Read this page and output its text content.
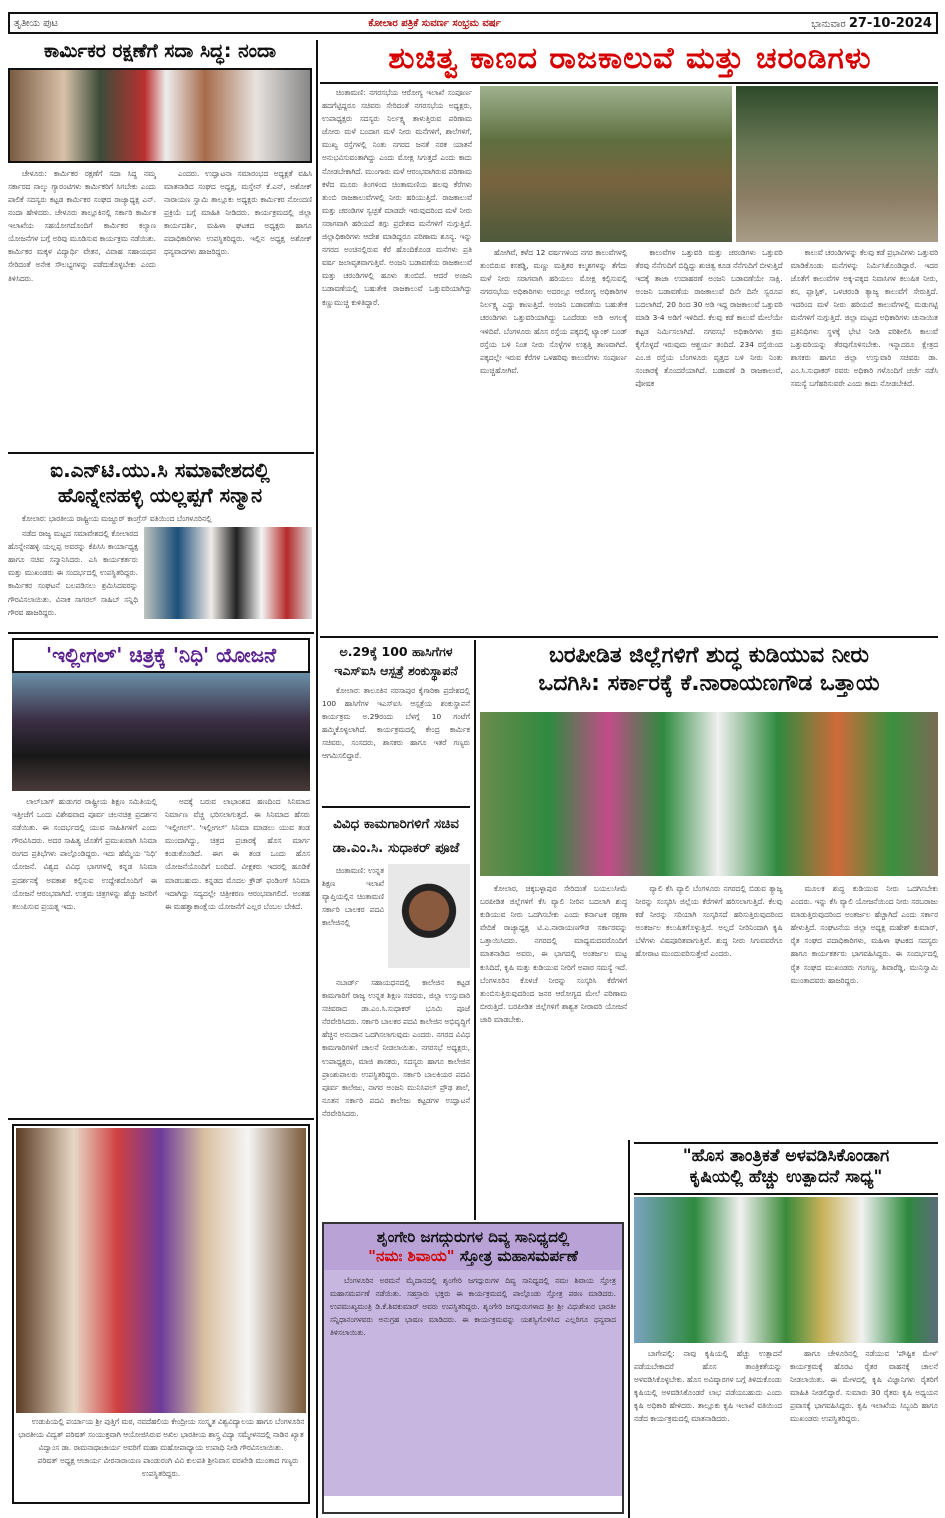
ತೃತೀಯ ಪುಟ	ಕೋಲಾರ ಪತ್ರಿಕೆ ಸುವರ್ಣ ಸಂಭ್ರಮ ವರ್ಷ	ಭಾನುವಾರ 27-10-2024
ಕಾರ್ಮಿಕರ ರಕ್ಷಣೆಗೆ ಸದಾ ಸಿದ್ಧ: ನಂದಾ

ಚೇಳೂರು: ಕಾರ್ಮಿಕರ ರಕ್ಷಣೆಗೆ ಸದಾ ಸಿದ್ಧ ನಮ್ಮ ಸರ್ಕಾರದ ನಾಲ್ಕು ಗ್ಯಾರಂಟಿಗಳು ಕಾರ್ಮಿಕರಿಗೆ ಸಿಗಬೇಕು ಎಂದು ಪಾಲಿಕೆ ಸದಸ್ಯರು ಕಟ್ಟಡ ಕಾರ್ಮಿಕರ ಸಂಘದ ರಾಜ್ಯಾಧ್ಯಕ್ಷ ಎನ್. ನಂದಾ ಹೇಳಿದರು. ಚೇಳೂರು ತಾಲ್ಲೂಕಿನಲ್ಲಿ ಸರ್ಕಾರಿ ಕಾರ್ಮಿಕ ಇಲಾಖೆಯ ಸಹಯೋಗದೊಂದಿಗೆ ಕಾರ್ಮಿಕರ ಕಲ್ಯಾಣ ಯೋಜನೆಗಳ ಬಗ್ಗೆ ಅರಿವು ಮೂಡಿಸುವ ಕಾರ್ಯಕ್ರಮ ನಡೆಯಿತು. ಕಾರ್ಮಿಕರ ಮಕ್ಕಳ ವಿದ್ಯಾರ್ಥಿ ವೇತನ, ವಿವಾಹ ಸಹಾಯಧನ ಸೇರಿದಂತೆ ಅನೇಕ ಸೌಲಭ್ಯಗಳನ್ನು ಪಡೆದುಕೊಳ್ಳಬೇಕು ಎಂದು ತಿಳಿಸಿದರು.

ಎಂದರು. ಉದ್ಘಾಟನಾ ಸಮಾರಂಭದ ಅಧ್ಯಕ್ಷತೆ ವಹಿಸಿ ಮಾತನಾಡಿದ ಸಂಘದ ಅಧ್ಯಕ್ಷ, ಮಸ್ತೇನ್ ಕೆ.ಎನ್, ಅಶೋಕ್ ನಾರಾಯಣ ಸ್ವಾಮಿ ತಾಲ್ಲೂಕು ಅಧ್ಯಕ್ಷರು ಕಾರ್ಮಿಕರ ನೋಂದಣಿ ಪ್ರಕ್ರಿಯೆ ಬಗ್ಗೆ ಮಾಹಿತಿ ನೀಡಿದರು. ಕಾರ್ಯಕ್ರಮದಲ್ಲಿ ಜಿಲ್ಲಾ ಕಾರ್ಯದರ್ಶಿ, ಮಹಿಳಾ ಘಟಕದ ಅಧ್ಯಕ್ಷರು ಹಾಗೂ ಪದಾಧಿಕಾರಿಗಳು ಉಪಸ್ಥಿತರಿದ್ದರು. ಇಲ್ಲಿನ ಅಧ್ಯಕ್ಷ ಅಶೋಕ್ ಧನ್ಯವಾದಗಳು ಹಾಜರಿದ್ದರು.

ಐ.ಎನ್‌ಟಿ.ಯು.ಸಿ ಸಮಾವೇಶದಲ್ಲಿ
ಹೊನ್ನೇನಹಳ್ಳಿ ಯಲ್ಲಪ್ಪಗೆ ಸನ್ಮಾನ

ಕೋಲಾರ: ಭಾರತೀಯ ರಾಷ್ಟ್ರೀಯ ಮಜ್ದೂರ್ ಕಾಂಗ್ರೆಸ್ ವತಿಯಿಂದ ಬೆಂಗಳೂರಿನಲ್ಲಿ

ನಡೆದ ರಾಜ್ಯ ಮಟ್ಟದ ಸಮಾವೇಶದಲ್ಲಿ ಕೋಲಾರದ ಹೊನ್ನೇನಹಳ್ಳಿ ಯಲ್ಲಪ್ಪ ಅವರನ್ನು ಕೆಪಿಸಿಸಿ ಕಾರ್ಯಾಧ್ಯಕ್ಷ ಹಾಗೂ ಸಚಿವ ಸನ್ಮಾನಿಸಿದರು. ಎಸಿ ಕಾರ್ಯಕರ್ತರು ಮತ್ತು ಮುಖಂಡರು ಈ ಸಂದರ್ಭದಲ್ಲಿ ಉಪಸ್ಥಿತರಿದ್ದರು. ಕಾರ್ಮಿಕರ ಸಂಘಟನೆ ಬಲಪಡಿಸಲು ಶ್ರಮಿಸಿದವರನ್ನು ಗೌರವಿಸಲಾಯಿತು. ವಿನಾಕ ಸಾಗರಲ್ ಸಾಹಿಬ್ ಸನ್ನಿಧಿ ಗೌರವ ಹಾಜರಿದ್ದರು.

'ಇಲ್ಲೀಗಲ್' ಚಿತ್ರಕ್ಕೆ 'ನಿಧಿ' ಯೋಜನೆ

ಲಾಲ್‌ಬಾಗ್ ಹುಡುಗರ ರಾಷ್ಟ್ರೀಯ ಶಿಕ್ಷಣ ಸಮಿತಿಯಲ್ಲಿ ಇತ್ತೀಚೆಗೆ ಒಂದು ವಿಶೇಷವಾದ ಪೂರ್ವ ಚಲನಚಿತ್ರ ಪ್ರದರ್ಶನ ನಡೆಯಿತು. ಈ ಸಂದರ್ಭದಲ್ಲಿ ಯುವ ಸಾಹಿತಿಗಳಿಗೆ ಎಂದು ಗೌರವಿಸಿದರು. ಅದರ ಸಾಹಿತ್ಯ ಜೊತೆಗೆ ಪ್ರಮುಖವಾಗಿ ಸಿನಿಮಾ ರಂಗದ ಪ್ರತಿಭೆಗಳು ಪಾಲ್ಗೊಂಡಿದ್ದರು. ಇದು ಹೆಮ್ಮೆಯ 'ನಿಧಿ' ಯೋಜನೆ. ವಿಶ್ವದ ವಿವಿಧ ಭಾಗಗಳಲ್ಲಿ ಕನ್ನಡ ಸಿನಿಮಾ ಪ್ರದರ್ಶನಕ್ಕೆ ಅವಕಾಶ ಕಲ್ಪಿಸುವ ಉದ್ದೇಶದೊಂದಿಗೆ ಈ ಯೋಜನೆ ಆರಂಭವಾಗಿದೆ. ಉತ್ತಮ ಚಿತ್ರಗಳನ್ನು ಹೆಚ್ಚು ಜನರಿಗೆ ತಲುಪಿಸುವ ಪ್ರಯತ್ನ ಇದು.

ಅದಕ್ಕೆ ಬರುವ ಲಾಭಾಂಶದ ಹಣದಿಂದ ಸಿನಿಮಾದ ನಿರ್ಮಾಣ ವೆಚ್ಚ ಭರಿಸಲಾಗುತ್ತದೆ. ಈ ಸಿನಿಮಾದ ಹೆಸರು 'ಇಲ್ಲೀಗಲ್'. 'ಇಲ್ಲೀಗಲ್' ಸಿನಿಮಾ ಮಾಡಲು ಯುವ ತಂಡ ಮುಂದಾಗಿದ್ದು, ಚಿತ್ರದ ಪ್ರಚಾರಕ್ಕೆ ಹೊಸ ಮಾರ್ಗ ಕಂಡುಕೊಂಡಿದೆ. ಈಗ ಈ ತಂಡ ಒಂದು ಹೊಸ ಯೋಜನೆಯೊಂದಿಗೆ ಬಂದಿದೆ. ವೀಕ್ಷಕರು ಇದರಲ್ಲಿ ಹೂಡಿಕೆ ಮಾಡಬಹುದು. ಕನ್ನಡದ ಮೊದಲ ಕ್ರೌಡ್ ಫಂಡಿಂಗ್ ಸಿನಿಮಾ ಇದಾಗಿದ್ದು ಸದ್ಯದಲ್ಲೇ ಚಿತ್ರೀಕರಣ ಆರಂಭವಾಗಲಿದೆ. ಅಂತಹ ಈ ಮಹತ್ವಾಕಾಂಕ್ಷೆಯ ಯೋಜನೆಗೆ ಎಲ್ಲರ ಬೆಂಬಲ ಬೇಕಿದೆ.

ಉಡುಪಿಯಲ್ಲಿ ಪರ್ಯಾಯ ಶ್ರೀ ಪುತ್ತಿಗೆ ಮಠ, ನವದೆಹಲಿಯ ಕೇಂದ್ರೀಯ ಸಂಸ್ಕೃತ ವಿಶ್ವವಿದ್ಯಾಲಯ ಹಾಗೂ ಬೆಂಗಳೂರಿನ ಭಾರತೀಯ ವಿದ್ವತ್ ಪರಿಷತ್ ಸಂಯುಕ್ತವಾಗಿ ಆಯೋಜಿಸಿರುವ ಅಖಿಲ ಭಾರತೀಯ ಶಾಸ್ತ್ರ ವಿದ್ಯಾ ಸಮ್ಮೇಳನದಲ್ಲಿ ನಾಡಿನ ಖ್ಯಾತ ವಿದ್ವಾಂಸ ಡಾ. ರಾಮನಾಥಾಚಾರ್ಯ ಅವರಿಗೆ ಮಹಾ ಮಹೋಪಾಧ್ಯಾಯ ಉಪಾಧಿ ನೀಡಿ ಗೌರವಿಸಲಾಯಿತು.

ಪರಿಷತ್ ಅಧ್ಯಕ್ಷ ಆಚಾರ್ಯ ವೀರನಾರಾಯಣ ಪಾಂಡುರಂಗಿ ವಿವಿ ಕುಲಪತಿ ಶ್ರೀನಿವಾಸ ವರಖೇಡಿ ಮುಂತಾದ ಗಣ್ಯರು ಉಪಸ್ಥಿತರಿದ್ದರು.

ಶುಚಿತ್ವ ಕಾಣದ ರಾಜಕಾಲುವೆ ಮತ್ತು ಚರಂಡಿಗಳು

ಚಿಂತಾಮಣಿ: ನಗರಸಭೆಯ ಆರೋಗ್ಯ ಇಲಾಖೆ ಸಂಪೂರ್ಣ ಹದಗೆಟ್ಟಿದ್ದರೂ ಸಚಿವರು ಸೇರಿದಂತೆ ನಗರಸಭೆಯ ಅಧ್ಯಕ್ಷರು, ಉಪಾಧ್ಯಕ್ಷರು ಸದಸ್ಯರು ನಿರ್ಲಕ್ಷ್ಯ ತಾಳುತ್ತಿರುವ ಪರಿಣಾಮ ಜೋರು ಮಳೆ ಬಂದಾಗ ಮಳೆ ನೀರು ಮನೆಗಳಿಗೆ, ಶಾಲೆಗಳಿಗೆ, ಮುಖ್ಯ ರಸ್ತೆಗಳಲ್ಲಿ ನಿಂತು ನಗರದ ಜನತೆ ನರಕ ಯಾತನೆ ಅನುಭವಿಸುವಂತಾಗಿದ್ದು ಎಂದು ಮೋಕ್ಷ ಸಿಗುತ್ತದೆ ಎಂದು ಕಾದು ನೋಡಬೇಕಾಗಿದೆ. ಮುಂಗಾರು ಮಳೆ ಆರಂಭವಾಗಿರುವ ಪರಿಣಾಮ ಕಳೆದ ಮೂರು ತಿಂಗಳಿಂದ ಚಿಂತಾಮಣಿಯ ಹಲವು ಕೆರೆಗಳು ತುಂಬಿ ರಾಜಕಾಲುವೆಗಳಲ್ಲಿ ನೀರು ಹರಿಯುತ್ತಿದೆ. ರಾಜಕಾಲುವೆ ಮತ್ತು ಚರಂಡಿಗಳ ಸ್ವಚ್ಛತೆ ಮಾಡದೇ ಇರುವುದರಿಂದ ಮಳೆ ನೀರು ಸರಾಗವಾಗಿ ಹರಿಯದೆ ತಗ್ಗು ಪ್ರದೇಶದ ಮನೆಗಳಿಗೆ ನುಗ್ಗುತ್ತಿದೆ. ಜಿಲ್ಲಾಧಿಕಾರಿಗಳು ಆದೇಶ ಮಾಡಿದ್ದರೂ ಪರಿಣಾಮ ಶೂನ್ಯ. ಇನ್ನು ನಗರದ ಅಂಚಿನಲ್ಲಿರುವ ಕೆರೆ ಹೊಂದಿಕೊಂಡ ಮನೆಗಳು ಪ್ರತಿ ವರ್ಷ ಜಲಾವೃತವಾಗುತ್ತಿವೆ. ಅಂಜನಿ ಬಡಾವಣೆಯ ರಾಜಕಾಲುವೆ ಮತ್ತು ಚರಂಡಿಗಳಲ್ಲಿ ಹೂಳು ತುಂಬಿದೆ. ಆದರೆ ಅಂಜನಿ ಬಡಾವಣೆಯಲ್ಲಿ ಬಹುತೇಕ ರಾಜಕಾಲುವೆ ಒತ್ತುವರಿಯಾಗಿದ್ದು ಕಣ್ಣುಮುಚ್ಚಿ ಕುಳಿತಿದ್ದಾರೆ.

ಹೋಗಿವೆ, ಕಳೆದ 12 ವರ್ಷಗಳಿಂದ ನಗರ ಕಾಲುವೆಗಳಲ್ಲಿ ತುಂಬಿರುವ ಕಸಕಡ್ಡಿ, ಮಣ್ಣು ಮತ್ತಿತರ ಕಲ್ಮಶಗಳನ್ನು ತೆಗೆದು ಮಳೆ ನೀರು ಸರಾಗವಾಗಿ ಹರಿಯಲು ಮೋಕ್ಷ ಕಲ್ಪಿಸುವಲ್ಲಿ ನಗರಸಭೆಯ ಅಧಿಕಾರಿಗಳು ಅದರಲ್ಲೂ ಆರೋಗ್ಯ ಅಧಿಕಾರಿಗಳ ನಿರ್ಲಕ್ಷ್ಯ ಎದ್ದು ಕಾಣುತ್ತಿದೆ. ಅಂಜನಿ ಬಡಾವಣೆಯ ಬಹುತೇಕ ಚರಂಡಿಗಳು ಒತ್ತುವರಿಯಾಗಿದ್ದು ಒಂದೆರಡು ಅಡಿ ಅಗಲಕ್ಕೆ ಇಳಿದಿವೆ. ಬೆಂಗಳೂರು ಹೊಸ ರಸ್ತೆಯ ಪಕ್ಕದಲ್ಲಿ ಟ್ಯಾಂಕ್ ಬಂಡ್ ರಸ್ತೆಯ ಬಳಿ ನಿಂತ ನೀರು ಸೊಳ್ಳೆಗಳ ಉತ್ಪತ್ತಿ ತಾಣವಾಗಿದೆ. ಪಕ್ಕದಲ್ಲೇ ಇರುವ ಕೆರೆಗಳ ಒಳಹರಿವು ಕಾಲುವೆಗಳು ಸಂಪೂರ್ಣ ಮುಚ್ಚಿಹೋಗಿವೆ.

ಕಾಲುವೆಗಳ ಒತ್ತುವರಿ ಮತ್ತು ಚರಂಡಿಗಳು ಒತ್ತುವರಿ ತೆರವು ನೆನೆಗುದಿಗೆ ಬಿದ್ದಿದ್ದು ಶುಚಿತ್ವ ಕೂಡ ನೆನೆಗುದಿಗೆ ಬೀಳುತ್ತಿದೆ ಇದಕ್ಕೆ ತಾಜಾ ಉದಾಹರಣೆ ಅಂಜನಿ ಬಡಾವಣೆಯೇ ಸಾಕ್ಷಿ. ಅಂಜನಿ ಬಡಾವಣೆಯ ರಾಜಕಾಲುವೆ ದಿನೇ ದಿನೇ ಸ್ವರೂಪ ಬದಲಾಗಿದೆ, 20 ರಿಂದ 30 ಅಡಿ ಇದ್ದ ರಾಜಕಾಲುವೆ ಒತ್ತುವರಿ ಮಾಡಿ 3-4 ಅಡಿಗೆ ಇಳಿದಿದೆ. ಕೆಲವು ಕಡೆ ಕಾಲುವೆ ಮೇಲೆಯೇ ಕಟ್ಟಡ ನಿರ್ಮಿಸಲಾಗಿದೆ. ನಗರಸಭೆ ಅಧಿಕಾರಿಗಳು ಕ್ರಮ ಕೈಗೊಳ್ಳದೆ ಇರುವುದು ಆಶ್ಚರ್ಯ ತಂದಿದೆ. 234 ರಸ್ತೆಯಿಂದ ಎಂ.ಜಿ ರಸ್ತೆಯ ಬೆಂಗಳೂರು ವೃತ್ತದ ಬಳಿ ನೀರು ನಿಂತು ಸಂಚಾರಕ್ಕೆ ತೊಂದರೆಯಾಗಿದೆ. ಬಡಾವಣೆ ಡಿ ರಾಜಕಾಲುವೆ, ಪೋಷಕ

ಕಾಲುವೆ ಚರಂಡಿಗಳನ್ನು ಕೆಲವು ಕಡೆ ಪ್ರಭಾವಿಗಳು ಒತ್ತುವರಿ ಮಾಡಿಕೊಂಡು ಮನೆಗಳನ್ನು ನಿರ್ಮಿಸಿಕೊಂಡಿದ್ದಾರೆ. ಇದರ ಜೊತೆಗೆ ಕಾಲುವೆಗಳ ಅಕ್ಕ-ಪಕ್ಕದ ನಿವಾಸಿಗಳ ಕಲುಷಿತ ನೀರು, ಕಸ, ಪ್ಲಾಸ್ಟಿಕ್, ಒಳಚರಂಡಿ ತ್ಯಾಜ್ಯ ಕಾಲುವೆಗೆ ಸೇರುತ್ತಿದೆ. ಇದರಿಂದ ಮಳೆ ನೀರು ಹರಿಯದೆ ಕಾಲುವೆಗಳಲ್ಲಿ ಮಡುಗಟ್ಟಿ ಮನೆಗಳಿಗೆ ನುಗ್ಗುತ್ತಿದೆ. ಜಿಲ್ಲಾ ಮಟ್ಟದ ಅಧಿಕಾರಿಗಳು ಚುನಾಯಿತ ಪ್ರತಿನಿಧಿಗಳು ಸ್ಥಳಕ್ಕೆ ಭೇಟಿ ನೀಡಿ ಪರಿಶೀಲಿಸಿ ಕಾಲುವೆ ಒತ್ತುವರಿಯನ್ನು ತೆರವುಗೊಳಿಸಬೇಕು. ಇನ್ನಾದರೂ ಕ್ಷೇತ್ರದ ಶಾಸಕರು ಹಾಗೂ ಜಿಲ್ಲಾ ಉಸ್ತುವಾರಿ ಸಚಿವರು ಡಾ. ಎಂ.ಸಿ.ಸುಧಾಕರ್ ರವರು ಅಧಿಕಾರಿ ಗಳೊಂದಿಗೆ ಚರ್ಚೆ ನಡೆಸಿ ಸಮಸ್ಯೆ ಬಗೆಹರಿಸುವರೇ ಎಂದು ಕಾದು ನೋಡಬೇಕಿದೆ.

ಅ.29ಕ್ಕೆ 100 ಹಾಸಿಗೆಗಳ ಇಎಸ್‌ಐಸಿ ಆಸ್ಪತ್ರೆ ಶಂಕುಸ್ಥಾಪನೆ

ಕೋಲಾರ: ತಾಲೂಕಿನ ನರಸಾಪುರ ಕೈಗಾರಿಕಾ ಪ್ರದೇಶದಲ್ಲಿ 100 ಹಾಸಿಗೆಗಳ ಇಎಸ್‌ಐಸಿ ಆಸ್ಪತ್ರೆಯ ಶಂಕುಸ್ಥಾಪನೆ ಕಾರ್ಯಕ್ರಮ ಅ.29ರಂದು ಬೆಳಗ್ಗೆ 10 ಗಂಟೆಗೆ ಹಮ್ಮಿಕೊಳ್ಳಲಾಗಿದೆ. ಕಾರ್ಯಕ್ರಮದಲ್ಲಿ ಕೇಂದ್ರ ಕಾರ್ಮಿಕ ಸಚಿವರು, ಸಂಸದರು, ಶಾಸಕರು ಹಾಗೂ ಇತರೆ ಗಣ್ಯರು ಆಗಮಿಸಲಿದ್ದಾರೆ.

ವಿವಿಧ ಕಾಮಗಾರಿಗಳಿಗೆ ಸಚಿವ ಡಾ.ಎಂ.ಸಿ. ಸುಧಾಕರ್ ಪೂಜೆ

ಚಿಂತಾಮಣಿ: ಉನ್ನತ ಶಿಕ್ಷಣ ಇಲಾಖೆ ವ್ಯಾಪ್ತಿಯಲ್ಲಿನ ಚಿಂತಾಮಣಿ ಸರ್ಕಾರಿ ಬಾಲಕರ ಪದವಿ ಕಾಲೇಜಿನಲ್ಲಿ

ನಬಾರ್ಡ್ ಸಹಾಯಧನದಲ್ಲಿ ಕಾಲೇಜಿನ ಕಟ್ಟಡ ಕಾಮಗಾರಿಗೆ ರಾಜ್ಯ ಉನ್ನತ ಶಿಕ್ಷಣ ಸಚಿವರು, ಜಿಲ್ಲಾ ಉಸ್ತುವಾರಿ ಸಚಿವರಾದ ಡಾ.ಎಂ.ಸಿ.ಸುಧಾಕರ್ ಭೂಮಿ ಪೂಜೆ ನೆರವೇರಿಸಿದರು. ಸರ್ಕಾರಿ ಬಾಲಕರ ಪದವಿ ಕಾಲೇಜಿನ ಅಭಿವೃದ್ಧಿಗೆ ಹೆಚ್ಚಿನ ಅನುದಾನ ಒದಗಿಸಲಾಗುವುದು ಎಂದರು. ನಗರದ ವಿವಿಧ ಕಾಮಗಾರಿಗಳಿಗೆ ಚಾಲನೆ ನೀಡಲಾಯಿತು. ನಗರಸಭೆ ಅಧ್ಯಕ್ಷರು, ಉಪಾಧ್ಯಕ್ಷರು, ಮಾಜಿ ಶಾಸಕರು, ಸದಸ್ಯರು ಹಾಗೂ ಕಾಲೇಜಿನ ಪ್ರಾಂಶುಪಾಲರು ಉಪಸ್ಥಿತರಿದ್ದರು. ಸರ್ಕಾರಿ ಬಾಲಕಿಯರ ಪದವಿ ಪೂರ್ವ ಕಾಲೇಜು, ನಾಗರ ಅಂಜನಿ ಮುನಿಸಿಪಲ್ ಪ್ರೌಢ ಶಾಲೆ, ನೂತನ ಸರ್ಕಾರಿ ಪದವಿ ಕಾಲೇಜು ಕಟ್ಟಡಗಳ ಉದ್ಘಾಟನೆ ನೆರವೇರಿಸಿದರು.

ಬರಪೀಡಿತ ಜಿಲ್ಲೆಗಳಿಗೆ ಶುದ್ಧ ಕುಡಿಯುವ ನೀರು
ಒದಗಿಸಿ: ಸರ್ಕಾರಕ್ಕೆ ಕೆ.ನಾರಾಯಣಗೌಡ ಒತ್ತಾಯ

ಕೋಲಾರ, ಚಿಕ್ಕಬಳ್ಳಾಪುರ ಸೇರಿದಂತೆ ಬಯಲುಸೀಮೆ ಬರಪೀಡಿತ ಜಿಲ್ಲೆಗಳಿಗೆ ಕೆಸಿ ವ್ಯಾಲಿ ನೀರಿನ ಬದಲಾಗಿ ಶುದ್ಧ ಕುಡಿಯುವ ನೀರು ಒದಗಿಸಬೇಕು ಎಂದು ಕರ್ನಾಟಕ ರಕ್ಷಣಾ ವೇದಿಕೆ ರಾಜ್ಯಾಧ್ಯಕ್ಷ ಟಿ.ಎ.ನಾರಾಯಣಗೌಡ ಸರ್ಕಾರವನ್ನು ಒತ್ತಾಯಿಸಿದರು. ನಗರದಲ್ಲಿ ಮಾಧ್ಯಮದವರೊಂದಿಗೆ ಮಾತನಾಡಿದ ಅವರು, ಈ ಭಾಗದಲ್ಲಿ ಅಂತರ್ಜಲ ಮಟ್ಟ ಕುಸಿದಿದೆ, ಕೃಷಿ ಮತ್ತು ಕುಡಿಯುವ ನೀರಿಗೆ ಅಪಾರ ಸಮಸ್ಯೆ ಇದೆ. ಬೆಂಗಳೂರಿನ ಕೊಳಚೆ ನೀರನ್ನು ಸಂಸ್ಕರಿಸಿ ಕೆರೆಗಳಿಗೆ ತುಂಬಿಸುತ್ತಿರುವುದರಿಂದ ಜನರ ಆರೋಗ್ಯದ ಮೇಲೆ ಪರಿಣಾಮ ಬೀರುತ್ತಿದೆ. ಬರಪೀಡಿತ ಜಿಲ್ಲೆಗಳಿಗೆ ಶಾಶ್ವತ ನೀರಾವರಿ ಯೋಜನೆ ಜಾರಿ ಮಾಡಬೇಕು.

ವ್ಯಾಲಿ ಕೆಸಿ ವ್ಯಾಲಿ ಬೆಂಗಳೂರು ನಗರದಲ್ಲಿ ಬಿಡುವ ತ್ಯಾಜ್ಯ ನೀರನ್ನು ಸಂಸ್ಕರಿಸಿ ಜಿಲ್ಲೆಯ ಕೆರೆಗಳಿಗೆ ಹರಿಸಲಾಗುತ್ತಿದೆ. ಕೆಲವು ಕಡೆ ನೀರನ್ನು ಸರಿಯಾಗಿ ಸಂಸ್ಕರಿಸದೆ ಹರಿಸುತ್ತಿರುವುದರಿಂದ ಅಂತರ್ಜಲ ಕಲುಷಿತಗೊಳ್ಳುತ್ತಿದೆ. ಅಲ್ಲದೆ ನೀರಿನಿಂದಾಗಿ ಕೃಷಿ ಬೆಳೆಗಳು ವಿಷಪೂರಿತವಾಗುತ್ತಿವೆ. ಶುದ್ಧ ನೀರು ಸಿಗುವವರೆಗೂ ಹೋರಾಟ ಮುಂದುವರಿಸುತ್ತೇವೆ ಎಂದರು.

ಮೂಲಕ ಶುದ್ಧ ಕುಡಿಯುವ ನೀರು ಒದಗಿಸಬೇಕು ಎಂದರು. ಇನ್ನು ಕೆಸಿ ವ್ಯಾಲಿ ಯೋಜನೆಯಿಂದ ನೀರು ಸರಬರಾಜು ಮಾಡುತ್ತಿರುವುದರಿಂದ ಅಂತರ್ಜಲ ಹೆಚ್ಚಾಗಿದೆ ಎಂದು ಸರ್ಕಾರ ಹೇಳುತ್ತಿದೆ. ಸಂಘಟನೆಯ ಜಿಲ್ಲಾ ಅಧ್ಯಕ್ಷ ಮಹೇಶ್ ಕುಮಾರ್, ರೈತ ಸಂಘದ ಪದಾಧಿಕಾರಿಗಳು, ಮಹಿಳಾ ಘಟಕದ ಸದಸ್ಯರು ಹಾಗೂ ಕಾರ್ಯಕರ್ತರು ಭಾಗವಹಿಸಿದ್ದರು. ಈ ಸಂದರ್ಭದಲ್ಲಿ ರೈತ ಸಂಘದ ಮುಖಂಡರು ಗಂಗಣ್ಣ, ಶಿವಾರೆಡ್ಡಿ, ಮುನಿಸ್ವಾಮಿ ಮುಂತಾದವರು ಹಾಜರಿದ್ದರು.

"ಹೊಸ ತಾಂತ್ರಿಕತೆ ಅಳವಡಿಸಿಕೊಂಡಾಗ
ಕೃಷಿಯಲ್ಲಿ ಹೆಚ್ಚು ಉತ್ಪಾದನೆ ಸಾಧ್ಯ"

ಬಾಗೇಪಲ್ಲಿ: ನಾವು ಕೃಷಿಯಲ್ಲಿ ಹೆಚ್ಚು ಉತ್ಪಾದನೆ ಪಡೆಯಬೇಕಾದರೆ ಹೊಸ ತಾಂತ್ರಿಕತೆಯನ್ನು ಅಳವಡಿಸಿಕೊಳ್ಳಬೇಕು. ಹೊಸ ಅವಿಷ್ಕಾರಗಳ ಬಗ್ಗೆ ತಿಳಿದುಕೊಂಡು ಕೃಷಿಯಲ್ಲಿ ಅಳವಡಿಸಿಕೊಂಡರೆ ಲಾಭ ಪಡೆಯಬಹುದು ಎಂದು ಕೃಷಿ ಅಧಿಕಾರಿ ಹೇಳಿದರು. ತಾಲ್ಲೂಕು ಕೃಷಿ ಇಲಾಖೆ ವತಿಯಿಂದ ನಡೆದ ಕಾರ್ಯಕ್ರಮದಲ್ಲಿ ಮಾತನಾಡಿದರು.

ಹಾಗೂ ಚೇಳೂರಿನಲ್ಲಿ ನಡೆಯುವ 'ಪೌಷ್ಟಿಕ ಮೇಳ' ಕಾರ್ಯಕ್ರಮಕ್ಕೆ ಹೊರಟ ರೈತರ ವಾಹನಕ್ಕೆ ಚಾಲನೆ ನೀಡಲಾಯಿತು. ಈ ಮೇಳದಲ್ಲಿ ಕೃಷಿ ವಿಜ್ಞಾನಿಗಳು ರೈತರಿಗೆ ಮಾಹಿತಿ ನೀಡಲಿದ್ದಾರೆ. ಸುಮಾರು 30 ರೈತರು ಕೃಷಿ ಅಧ್ಯಯನ ಪ್ರವಾಸಕ್ಕೆ ಭಾಗವಹಿಸಿದ್ದರು. ಕೃಷಿ ಇಲಾಖೆಯ ಸಿಬ್ಬಂದಿ ಹಾಗೂ ಮುಖಂಡರು ಉಪಸ್ಥಿತರಿದ್ದರು.

ಶೃಂಗೇರಿ ಜಗದ್ಗುರುಗಳ ದಿವ್ಯ ಸಾನಿಧ್ಯದಲ್ಲಿ
"ನಮಃ ಶಿವಾಯ" ಸ್ತೋತ್ರ ಮಹಾಸಮರ್ಪಣೆ

ಬೆಂಗಳೂರಿನ ಅರಮನೆ ಮೈದಾನದಲ್ಲಿ ಶೃಂಗೇರಿ ಜಗದ್ಗುರುಗಳ ದಿವ್ಯ ಸಾನಿಧ್ಯದಲ್ಲಿ ನಮಃ ಶಿವಾಯ ಸ್ತೋತ್ರ ಮಹಾಸಮರ್ಪಣೆ ನಡೆಯಿತು. ಸಹಸ್ರಾರು ಭಕ್ತರು ಈ ಕಾರ್ಯಕ್ರಮದಲ್ಲಿ ಪಾಲ್ಗೊಂಡು ಸ್ತೋತ್ರ ಪಠಣ ಮಾಡಿದರು. ಉಪಮುಖ್ಯಮಂತ್ರಿ ಡಿ.ಕೆ.ಶಿವಕುಮಾರ್ ಅವರು ಉಪಸ್ಥಿತರಿದ್ದರು. ಶೃಂಗೇರಿ ಜಗದ್ಗುರುಗಳಾದ ಶ್ರೀ ಶ್ರೀ ವಿಧುಶೇಖರ ಭಾರತೀ ಸನ್ನಿಧಾನಂಗಳವರು ಅನುಗ್ರಹ ಭಾಷಣ ಮಾಡಿದರು. ಈ ಕಾರ್ಯಕ್ರಮವನ್ನು ಯಶಸ್ವಿಗೊಳಿಸಿದ ಎಲ್ಲರಿಗೂ ಧನ್ಯವಾದ ತಿಳಿಸಲಾಯಿತು.
